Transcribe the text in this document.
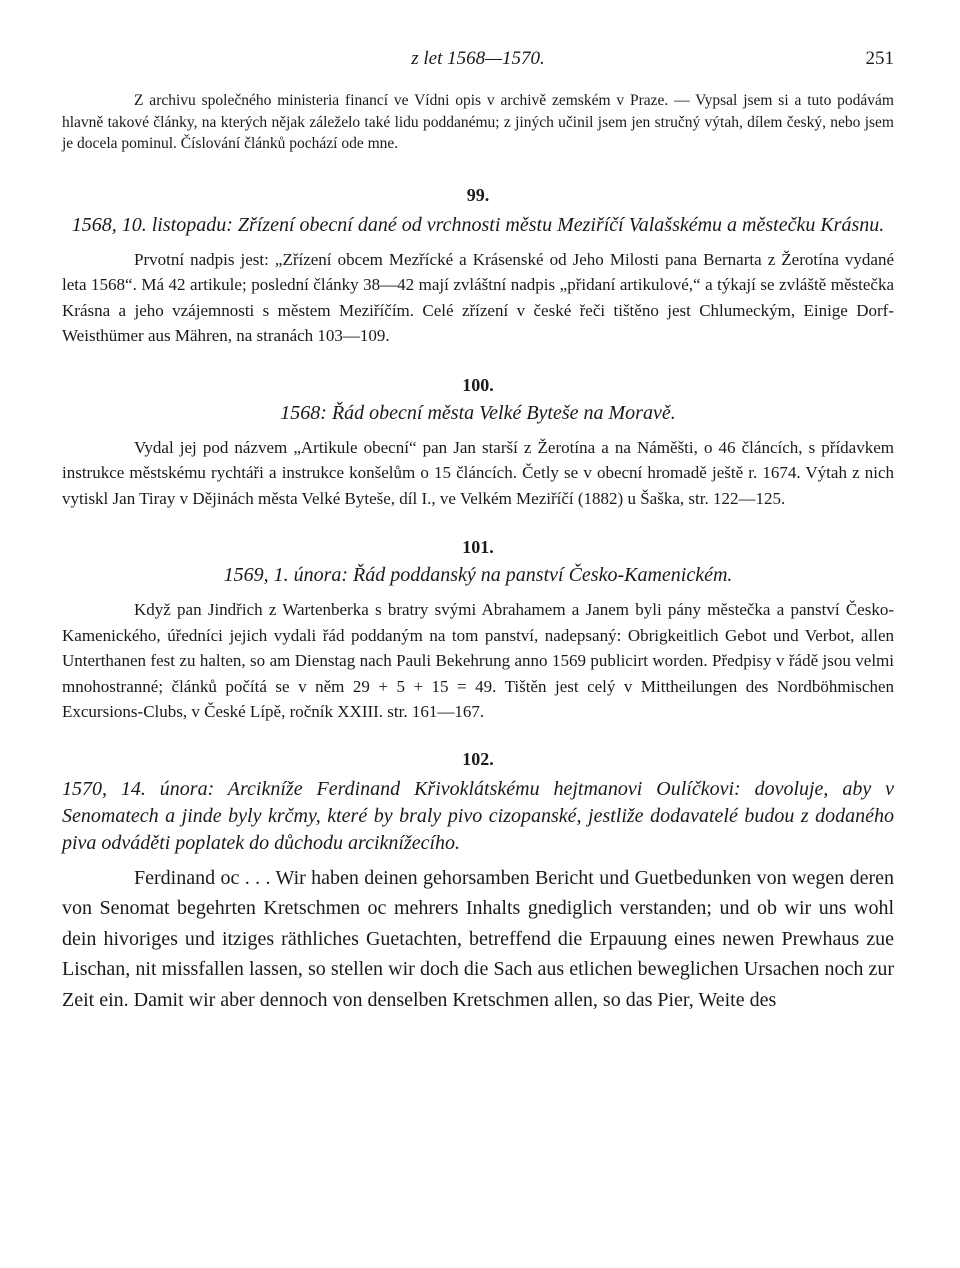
z let 1568—1570.	251

Z archivu společného ministeria financí ve Vídni opis v archivě zemském v Praze. — Vypsal jsem si a tuto podávám hlavně takové články, na kterých nějak záleželo také lidu poddanému; z jiných učinil jsem jen stručný výtah, dílem český, nebo jsem je docela pominul. Číslování článků pochází ode mne.

99.

1568, 10. listopadu: Zřízení obecní dané od vrchnosti městu Meziříčí Valašskému a městečku Krásnu.

Prvotní nadpis jest: „Zřízení obcem Mezřícké a Krásenské od Jeho Milosti pana Bernarta z Žerotína vydané leta 1568“. Má 42 artikule; poslední články 38—42 mají zvláštní nadpis „přidaní artikulové,“ a týkají se zvláště městečka Krásna a jeho vzájemnosti s městem Meziříčím. Celé zřízení v české řeči tištěno jest Chlumeckým, Einige Dorf-Weisthümer aus Mähren, na stranách 103—109.

100.

1568: Řád obecní města Velké Byteše na Moravě.

Vydal jej pod názvem „Artikule obecní“ pan Jan starší z Žerotína a na Náměšti, o 46 článcích, s přídavkem instrukce městskému rychtáři a instrukce konšelům o 15 článcích. Četly se v obecní hromadě ještě r. 1674. Výtah z nich vytiskl Jan Tiray v Dějinách města Velké Byteše, díl I., ve Velkém Meziříčí (1882) u Šaška, str. 122—125.

101.

1569, 1. února: Řád poddanský na panství Česko-Kamenickém.

Když pan Jindřich z Wartenberka s bratry svými Abrahamem a Janem byli pány městečka a panství Česko-Kamenického, úředníci jejich vydali řád poddaným na tom panství, nadepsaný: Obrigkeitlich Gebot und Verbot, allen Unterthanen fest zu halten, so am Dienstag nach Pauli Bekehrung anno 1569 publicirt worden. Předpisy v řádě jsou velmi mnohostranné; článků počítá se v něm 29 + 5 + 15 = 49. Tištěn jest celý v Mittheilungen des Nordböhmischen Excursions-Clubs, v České Lípě, ročník XXIII. str. 161—167.

102.

1570, 14. února: Arcikníže Ferdinand Křivoklátskému hejtmanovi Oulíčkovi: dovoluje, aby v Senomatech a jinde byly krčmy, které by braly pivo cizopanské, jestliže dodavatelé budou z dodaného piva odváděti poplatek do důchodu arciknížecího.

Ferdinand oc . . . Wir haben deinen gehorsamben Bericht und Guetbedunken von wegen deren von Senomat begehrten Kretschmen oc mehrers Inhalts gnediglich verstanden; und ob wir uns wohl dein hivoriges und itziges räthliches Guetachten, betreffend die Erpauung eines newen Prewhaus zue Lischan, nit missfallen lassen, so stellen wir doch die Sach aus etlichen beweglichen Ursachen noch zur Zeit ein. Damit wir aber dennoch von denselben Kretschmen allen, so das Pier, Weite des
